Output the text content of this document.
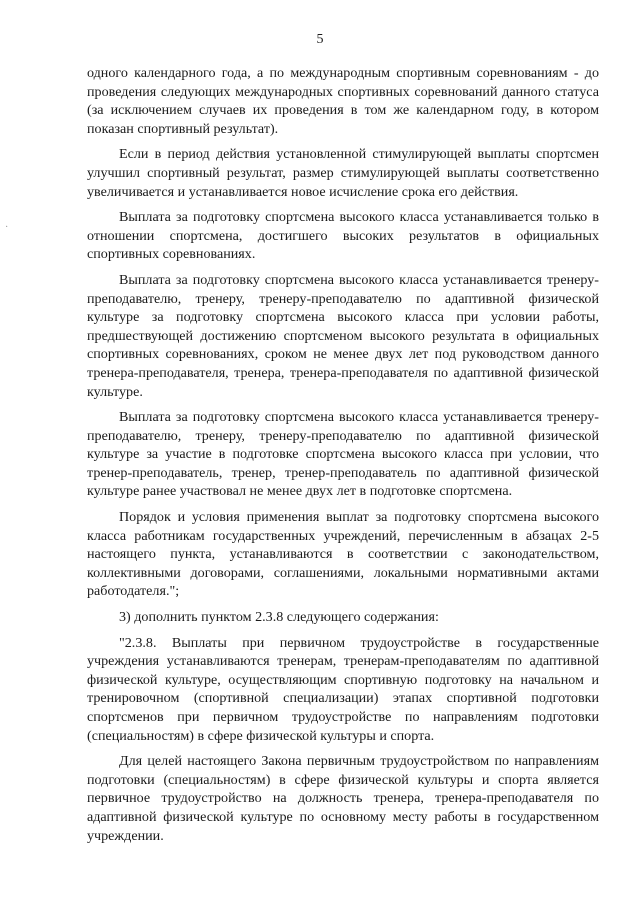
5
·

одного календарного года, а по международным спортивным соревнованиям - до проведения следующих международных спортивных соревнований данного статуса (за исключением случаев их проведения в том же календарном году, в котором показан спортивный результат).

Если в период действия установленной стимулирующей выплаты спортсмен улучшил спортивный результат, размер стимулирующей выплаты соответственно увеличивается и устанавливается новое исчисление срока его действия.

Выплата за подготовку спортсмена высокого класса устанавливается только в отношении спортсмена, достигшего высоких результатов в официальных спортивных соревнованиях.

Выплата за подготовку спортсмена высокого класса устанавливается тренеру-преподавателю, тренеру, тренеру-преподавателю по адаптивной физической культуре за подготовку спортсмена высокого класса при условии работы, предшествующей достижению спортсменом высокого результата в официальных спортивных соревнованиях, сроком не менее двух лет под руководством данного тренера-преподавателя, тренера, тренера-преподавателя по адаптивной физической культуре.

Выплата за подготовку спортсмена высокого класса устанавливается тренеру-преподавателю, тренеру, тренеру-преподавателю по адаптивной физической культуре за участие в подготовке спортсмена высокого класса при условии, что тренер-преподаватель, тренер, тренер-преподаватель по адаптивной физической культуре ранее участвовал не менее двух лет в подготовке спортсмена.

Порядок и условия применения выплат за подготовку спортсмена высокого класса работникам государственных учреждений, перечисленным в абзацах 2-5 настоящего пункта, устанавливаются в соответствии с законодательством, коллективными договорами, соглашениями, локальными нормативными актами работодателя.";

3) дополнить пунктом 2.3.8 следующего содержания:

"2.3.8. Выплаты при первичном трудоустройстве в государственные учреждения устанавливаются тренерам, тренерам-преподавателям по адаптивной физической культуре, осуществляющим спортивную подготовку на начальном и тренировочном (спортивной специализации) этапах спортивной подготовки спортсменов при первичном трудоустройстве по направлениям подготовки (специальностям) в сфере физической культуры и спорта.

Для целей настоящего Закона первичным трудоустройством по направлениям подготовки (специальностям) в сфере физической культуры и спорта является первичное трудоустройство на должность тренера, тренера-преподавателя по адаптивной физической культуре по основному месту работы в государственном учреждении.
